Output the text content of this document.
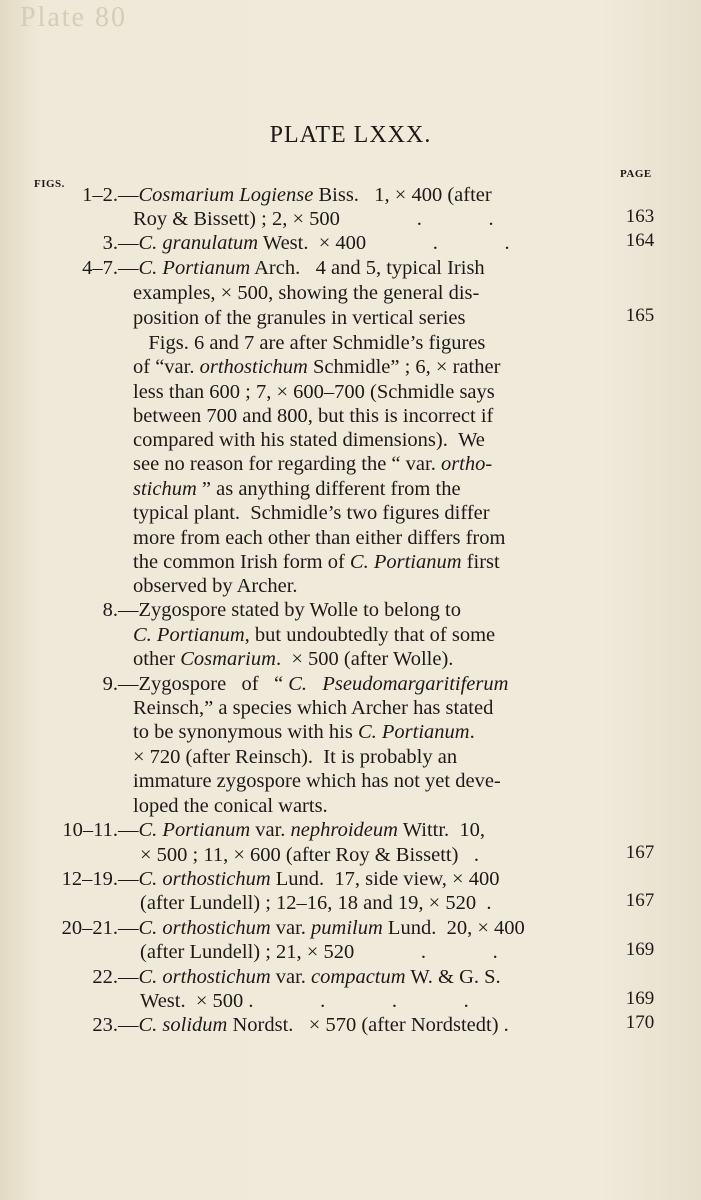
Plate 80
PLATE LXXX.
FIGS.
PAGE
1–2. —Cosmarium Logiense Biss.   1, × 400 (after
Roy & Bissett) ; 2, × 500               .             .	163
3. —C. granulatum West.  × 400             .             .	164
4–7. —C. Portianum Arch.   4 and 5, typical Irish
examples, × 500, showing the general dis-
position of the granules in vertical series	165
Figs. 6 and 7 are after Schmidle’s figures
of “var. orthostichum Schmidle” ; 6, × rather
less than 600 ; 7, × 600–700 (Schmidle says
between 700 and 800, but this is incorrect if
compared with his stated dimensions).  We
see no reason for regarding the “ var. ortho-
stichum ” as anything different from the
typical plant.  Schmidle’s two figures differ
more from each other than either differs from
the common Irish form of C. Portianum first
observed by Archer.
8. —Zygospore stated by Wolle to belong to
C. Portianum, but undoubtedly that of some
other Cosmarium.  × 500 (after Wolle).
9. —Zygospore   of   “ C.   Pseudomargaritiferum
Reinsch,” a species which Archer has stated
to be synonymous with his C. Portianum.
× 720 (after Reinsch).  It is probably an
immature zygospore which has not yet deve-
loped the conical warts.
10–11. —C. Portianum var. nephroideum Wittr.  10,
× 500 ; 11, × 600 (after Roy & Bissett)   .	167
12–19. —C. orthostichum Lund.  17, side view, × 400
(after Lundell) ; 12–16, 18 and 19, × 520  .	167
20–21. —C. orthostichum var. pumilum Lund.  20, × 400
(after Lundell) ; 21, × 520             .             .	169
22. —C. orthostichum var. compactum W. & G. S.
West.  × 500 .             .             .             .	169
23. —C. solidum Nordst.   × 570 (after Nordstedt) .	170
